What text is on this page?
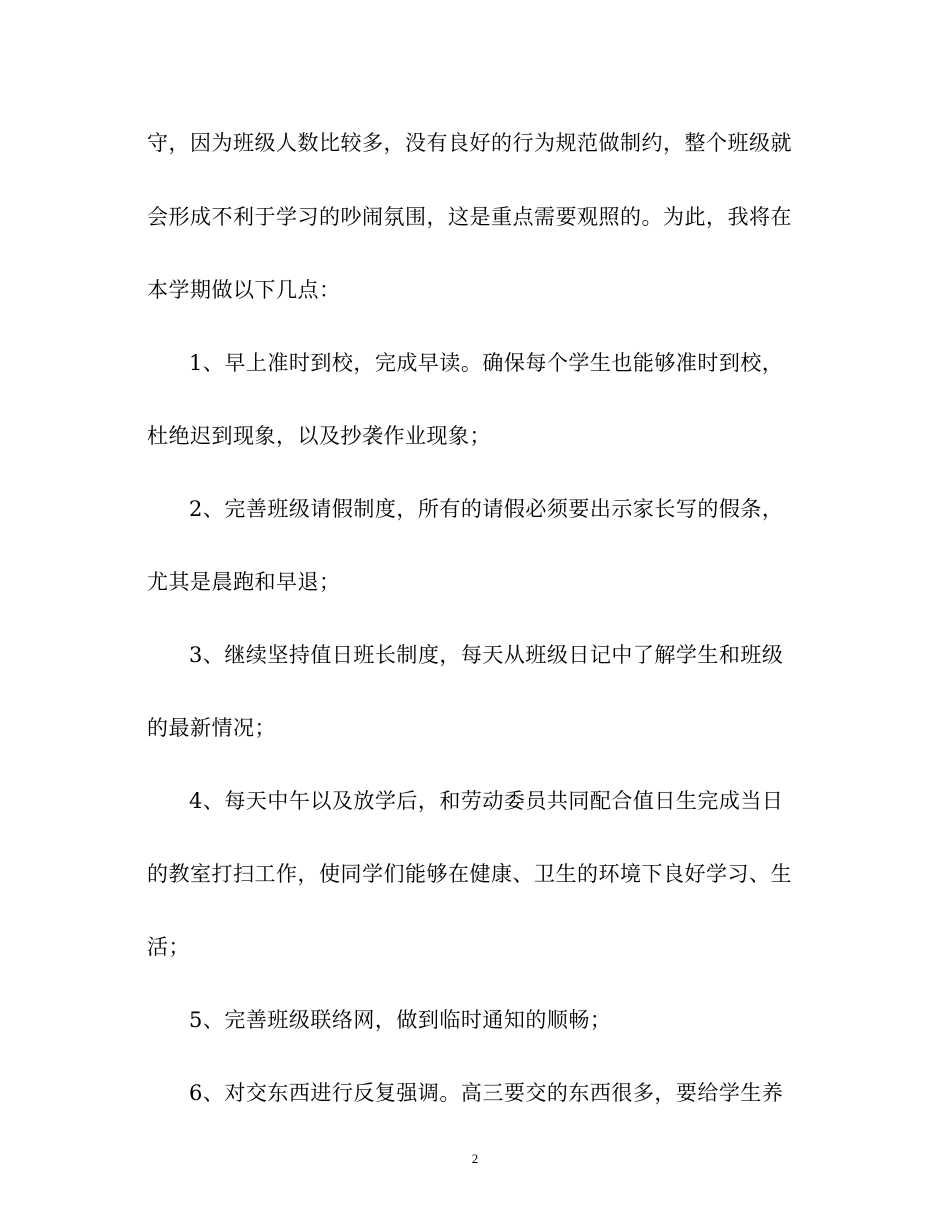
守，因为班级人数比较多，没有良好的行为规范做制约，整个班级就
会形成不利于学习的吵闹氛围，这是重点需要观照的。为此，我将在
本学期做以下几点：
1、早上准时到校，完成早读。确保每个学生也能够准时到校，
杜绝迟到现象，以及抄袭作业现象；
2、完善班级请假制度，所有的请假必须要出示家长写的假条，
尤其是晨跑和早退；
3、继续坚持值日班长制度，每天从班级日记中了解学生和班级
的最新情况；
4、每天中午以及放学后，和劳动委员共同配合值日生完成当日
的教室打扫工作，使同学们能够在健康、卫生的环境下良好学习、生
活；
5、完善班级联络网，做到临时通知的顺畅；
6、对交东西进行反复强调。高三要交的东西很多，要给学生养
2
